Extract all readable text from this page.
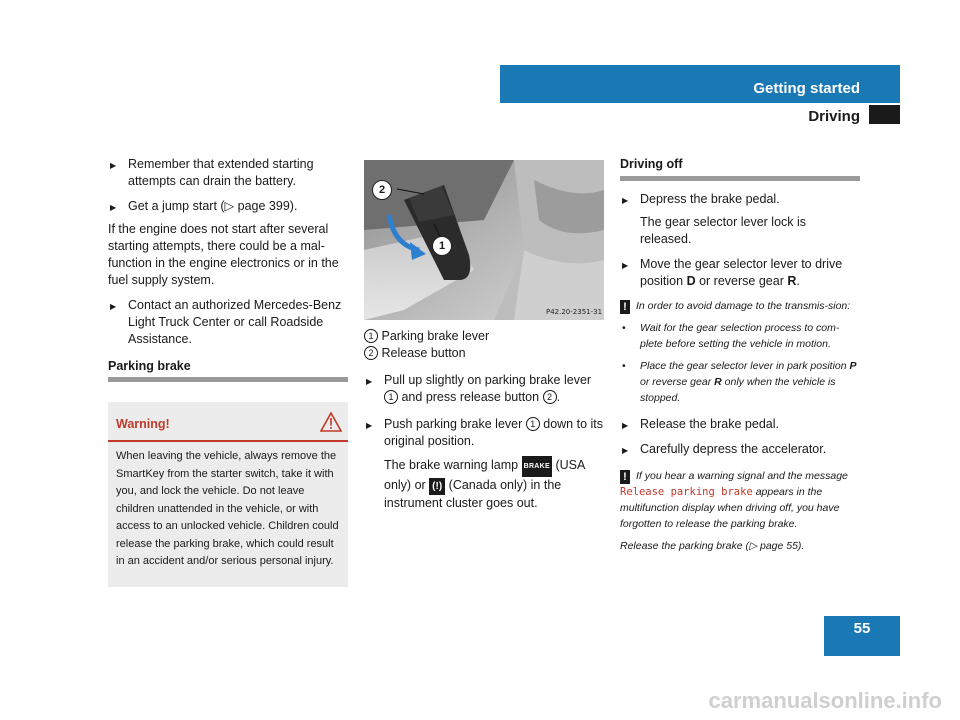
Getting started
Driving
55

▶ Remember that extended starting attempts can drain the battery.

▶ Get a jump start (▷ page 399).

If the engine does not start after several starting attempts, there could be a mal-function in the engine electronics or in the fuel supply system.

▶ Contact an authorized Mercedes-Benz Light Truck Center or call Roadside Assistance.

Parking brake

Warning!
When leaving the vehicle, always remove the SmartKey from the starter switch, take it with you, and lock the vehicle. Do not leave children unattended in the vehicle, or with access to an unlocked vehicle. Children could release the parking brake, which could result in an accident and/or serious personal injury.
P42.20-2351-31
2
1

1 Parking brake lever

2 Release button

▶ Pull up slightly on parking brake lever 1 and press release button 2 .

▶ Push parking brake lever 1 down to its original position.

The brake warning lamp BRAKE (USA only) or (!) (Canada only) in the instrument cluster goes out.

Driving off

▶ Depress the brake pedal.

The gear selector lever lock is released.

▶ Move the gear selector lever to drive position D or reverse gear R.

! In order to avoid damage to the transmis-sion:

• Wait for the gear selection process to com-plete before setting the vehicle in motion.

• Place the gear selector lever in park position P or reverse gear R only when the vehicle is stopped.

▶ Release the brake pedal.

▶ Carefully depress the accelerator.

! If you hear a warning signal and the message Release parking brake appears in the multifunction display when driving off, you have forgotten to release the parking brake.

Release the parking brake (▷ page 55).

carmanualsonline.info
